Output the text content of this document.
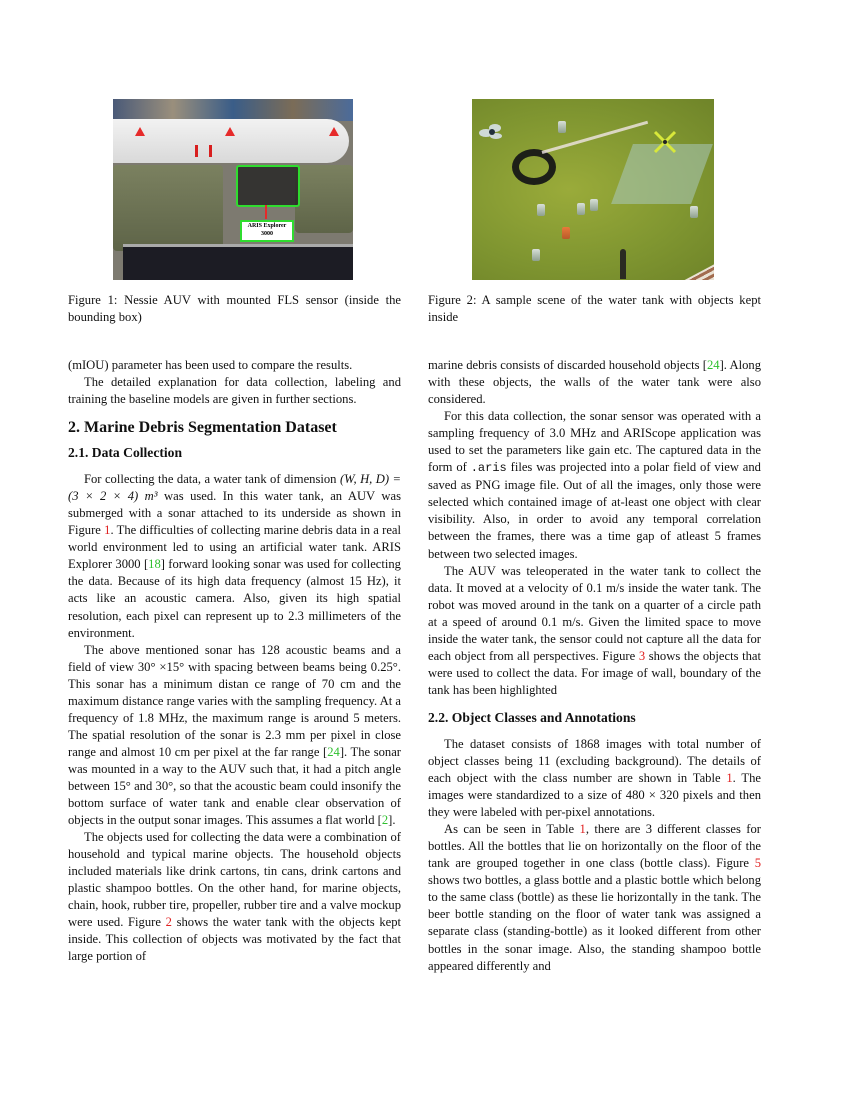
ARIS Explorer 3000
Figure 1: Nessie AUV with mounted FLS sensor (inside the bounding box)
Figure 2: A sample scene of the water tank with objects kept inside

(mIOU) parameter has been used to compare the results.

The detailed explanation for data collection, labeling and training the baseline models are given in further sections.

2. Marine Debris Segmentation Dataset
2.1. Data Collection

For collecting the data, a water tank of dimension (W, H, D) = (3 × 2 × 4) m³ was used. In this water tank, an AUV was submerged with a sonar attached to its underside as shown in Figure 1. The difficulties of collecting marine debris data in a real world environment led to using an artificial water tank. ARIS Explorer 3000 [18] forward looking sonar was used for collecting the data. Because of its high data frequency (almost 15 Hz), it acts like an acoustic camera. Also, given its high spatial resolution, each pixel can represent up to 2.3 millimeters of the environment.

The above mentioned sonar has 128 acoustic beams and a field of view 30° ×15° with spacing between beams being 0.25°. This sonar has a minimum distan ce range of 70 cm and the maximum distance range varies with the sampling frequency. At a frequency of 1.8 MHz, the maximum range is around 5 meters. The spatial resolution of the sonar is 2.3 mm per pixel in close range and almost 10 cm per pixel at the far range [24]. The sonar was mounted in a way to the AUV such that, it had a pitch angle between 15° and 30°, so that the acoustic beam could insonify the bottom surface of water tank and enable clear observation of objects in the output sonar images. This assumes a flat world [2].

The objects used for collecting the data were a combination of household and typical marine objects. The household objects included materials like drink cartons, tin cans, drink cartons and plastic shampoo bottles. On the other hand, for marine objects, chain, hook, rubber tire, propeller, rubber tire and a valve mockup were used. Figure 2 shows the water tank with the objects kept inside. This collection of objects was motivated by the fact that large portion of

marine debris consists of discarded household objects [24]. Along with these objects, the walls of the water tank were also considered.

For this data collection, the sonar sensor was operated with a sampling frequency of 3.0 MHz and ARIScope application was used to set the parameters like gain etc. The captured data in the form of .aris files was projected into a polar field of view and saved as PNG image file. Out of all the images, only those were selected which contained image of at-least one object with clear visibility. Also, in order to avoid any temporal correlation between the frames, there was a time gap of atleast 5 frames between two selected images.

The AUV was teleoperated in the water tank to collect the data. It moved at a velocity of 0.1 m/s inside the water tank. The robot was moved around in the tank on a quarter of a circle path at a speed of around 0.1 m/s. Given the limited space to move inside the water tank, the sensor could not capture all the data for each object from all perspectives. Figure 3 shows the objects that were used to collect the data. For image of wall, boundary of the tank has been highlighted

2.2. Object Classes and Annotations

The dataset consists of 1868 images with total number of object classes being 11 (excluding background). The details of each object with the class number are shown in Table 1. The images were standardized to a size of 480 × 320 pixels and then they were labeled with per-pixel annotations.

As can be seen in Table 1, there are 3 different classes for bottles. All the bottles that lie on horizontally on the floor of the tank are grouped together in one class (bottle class). Figure 5 shows two bottles, a glass bottle and a plastic bottle which belong to the same class (bottle) as these lie horizontally in the tank. The beer bottle standing on the floor of water tank was assigned a separate class (standing-bottle) as it looked different from other bottles in the sonar image. Also, the standing shampoo bottle appeared differently and
